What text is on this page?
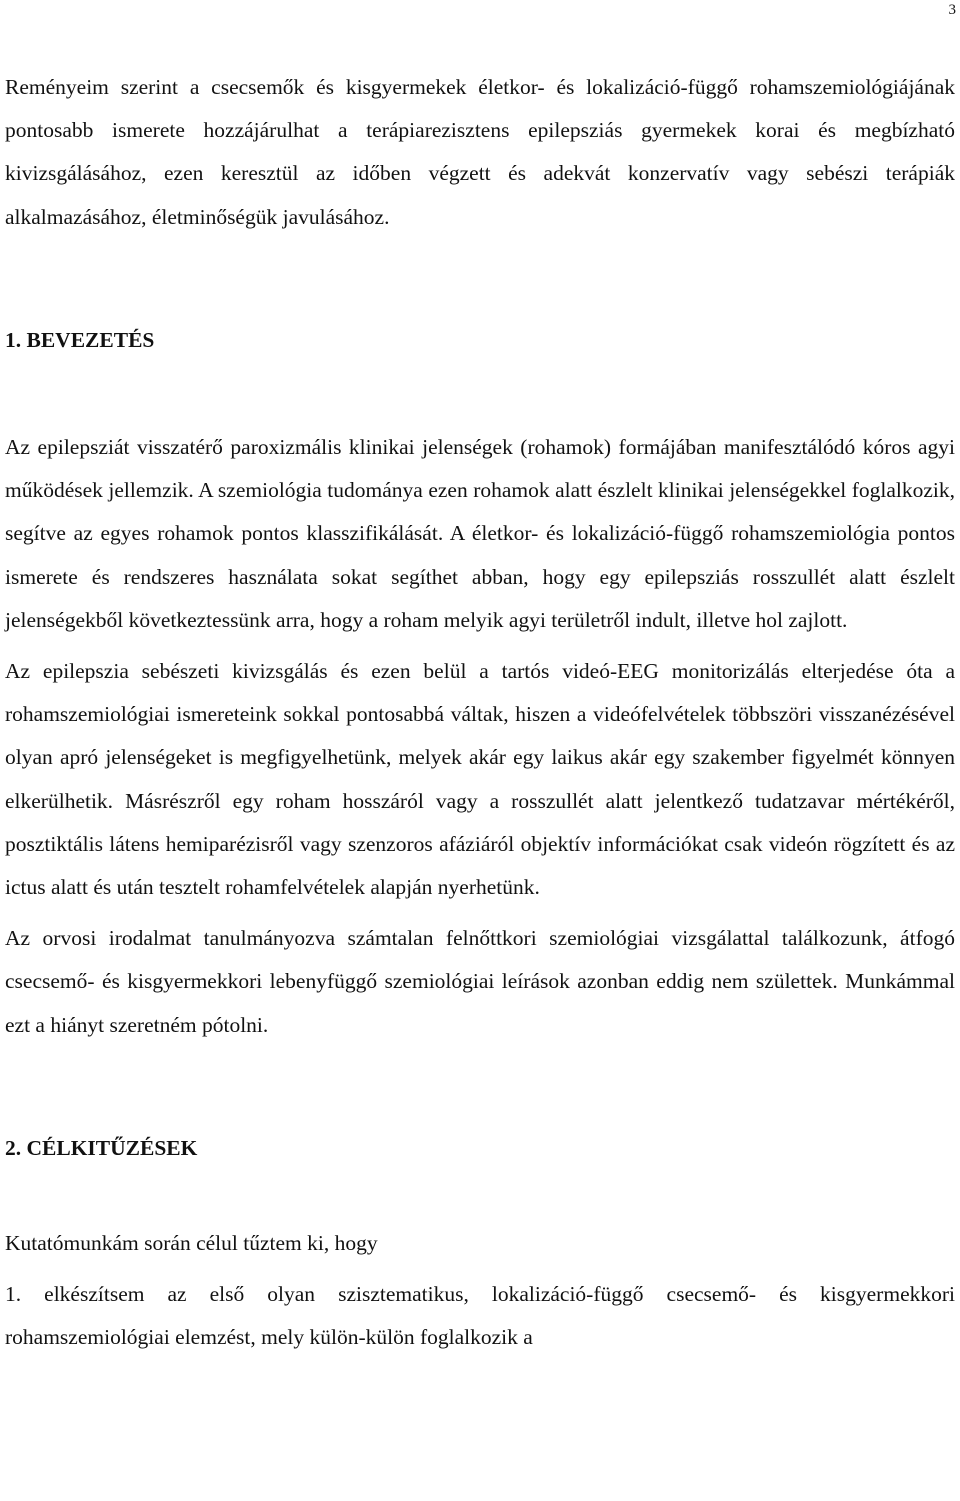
3

Reményeim szerint a csecsemők és kisgyermekek életkor- és lokalizáció-függő rohamszemiológiájának pontosabb ismerete hozzájárulhat a terápiarezisztens epilepsziás gyermekek korai és megbízható kivizsgálásához, ezen keresztül az időben végzett és adekvát konzervatív vagy sebészi terápiák alkalmazásához, életminőségük javulásához.

1. BEVEZETÉS

Az epilepsziát visszatérő paroxizmális klinikai jelenségek (rohamok) formájában manifesztálódó kóros agyi működések jellemzik. A szemiológia tudománya ezen rohamok alatt észlelt klinikai jelenségekkel foglalkozik, segítve az egyes rohamok pontos klasszifikálását. A életkor- és lokalizáció-függő rohamszemiológia pontos ismerete és rendszeres használata sokat segíthet abban, hogy egy epilepsziás rosszullét alatt észlelt jelenségekből következtessünk arra, hogy a roham melyik agyi területről indult, illetve hol zajlott.

Az epilepszia sebészeti kivizsgálás és ezen belül a tartós videó-EEG monitorizálás elterjedése óta a rohamszemiológiai ismereteink sokkal pontosabbá váltak, hiszen a videófelvételek többszöri visszanézésével olyan apró jelenségeket is megfigyelhetünk, melyek akár egy laikus akár egy szakember figyelmét könnyen elkerülhetik. Másrészről egy roham hosszáról vagy a rosszullét alatt jelentkező tudatzavar mértékéről, posztiktális látens hemiparézisről vagy szenzoros afáziáról objektív információkat csak videón rögzített és az ictus alatt és után tesztelt rohamfelvételek alapján nyerhetünk.

Az orvosi irodalmat tanulmányozva számtalan felnőttkori szemiológiai vizsgálattal találkozunk, átfogó csecsemő- és kisgyermekkori lebenyfüggő szemiológiai leírások azonban eddig nem születtek. Munkámmal ezt a hiányt szeretném pótolni.

2. CÉLKITŰZÉSEK

Kutatómunkám során célul tűztem ki, hogy

1. elkészítsem az első olyan szisztematikus, lokalizáció-függő csecsemő- és kisgyermekkori rohamszemiológiai elemzést, mely külön-külön foglalkozik a
